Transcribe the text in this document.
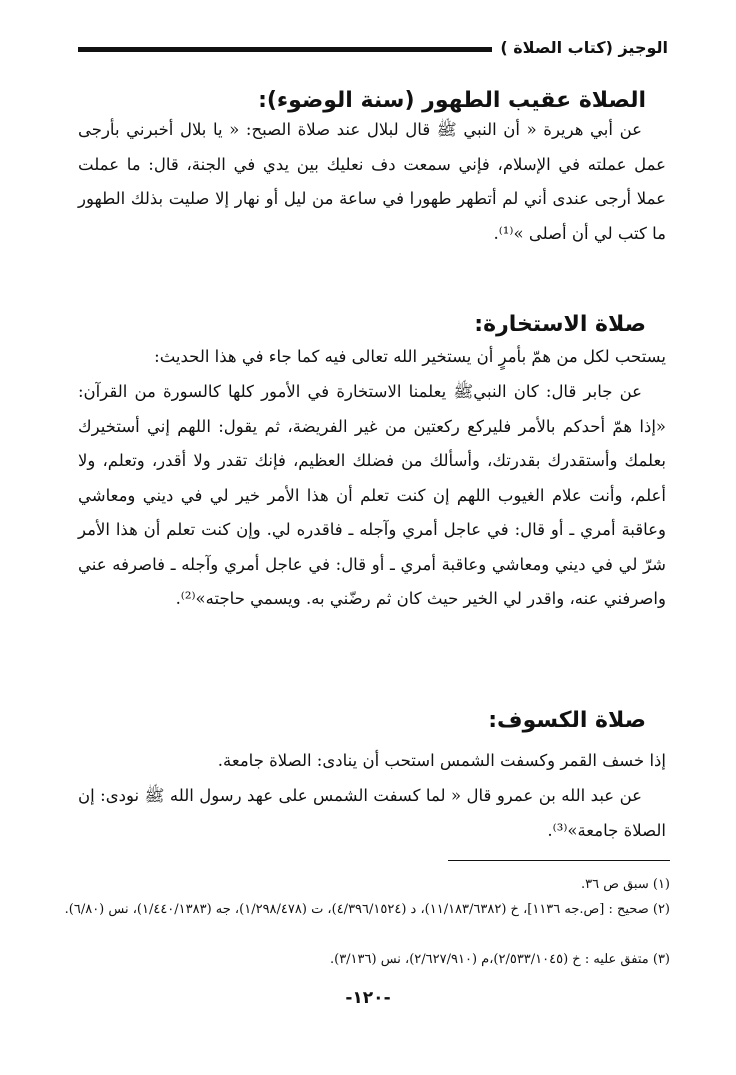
الوجيز (كتاب الصلاة )
الصلاة عقيب الطهور (سنة الوضوء):

عن أبي هريرة « أن النبي ﷺ قال لبلال عند صلاة الصبح: « يا بلال أخبرني بأرجى عمل عملته في الإسلام، فإني سمعت دف نعليك بين يدي في الجنة، قال: ما عملت عملا أرجى عندى أني لم أتطهر طهورا في ساعة من ليل أو نهار إلا صليت بذلك الطهور ما كتب لي أن أصلى »⁽¹⁾.

صلاة الاستخارة:

يستحب لكل من همّ بأمرٍ أن يستخير الله تعالى فيه كما جاء في هذا الحديث:

عن جابر قال: كان النبيﷺ يعلمنا الاستخارة في الأمور كلها كالسورة من القرآن: «إذا همّ أحدكم بالأمر فليركع ركعتين من غير الفريضة، ثم يقول: اللهم إني أستخيرك بعلمك وأستقدرك بقدرتك، وأسألك من فضلك العظيم، فإنك تقدر ولا أقدر، وتعلم، ولا أعلم، وأنت علام الغيوب اللهم إن كنت تعلم أن هذا الأمر خير لي في ديني ومعاشي وعاقبة أمري ـ أو قال: في عاجل أمري وآجله ـ فاقدره لي. وإن كنت تعلم أن هذا الأمر شرّ لي في ديني ومعاشي وعاقبة أمري ـ أو قال: في عاجل أمري وآجله ـ فاصرفه عني واصرفني عنه، واقدر لي الخير حيث كان ثم رضّني به. ويسمي حاجته»⁽²⁾.

صلاة الكسوف:

إذا خسف القمر وكسفت الشمس استحب أن ينادى: الصلاة جامعة.

عن عبد الله بن عمرو قال « لما كسفت الشمس على عهد رسول الله ﷺ نودى: إن الصلاة جامعة»⁽³⁾.

(١) سبق ص ٣٦.
(٢) صحيح : [ص.جه ١١٣٦]، خ (١١/١٨٣/٦٣٨٢)، د (٤/٣٩٦/١٥٢٤)، ت (١/٢٩٨/٤٧٨)، جه (١/٤٤٠/١٣٨٣)، نس (٦/٨٠).
(٣) متفق عليه : خ (٢/٥٣٣/١٠٤٥)،م (٢/٦٢٧/٩١٠)، نس (٣/١٣٦).
-١٢٠-
